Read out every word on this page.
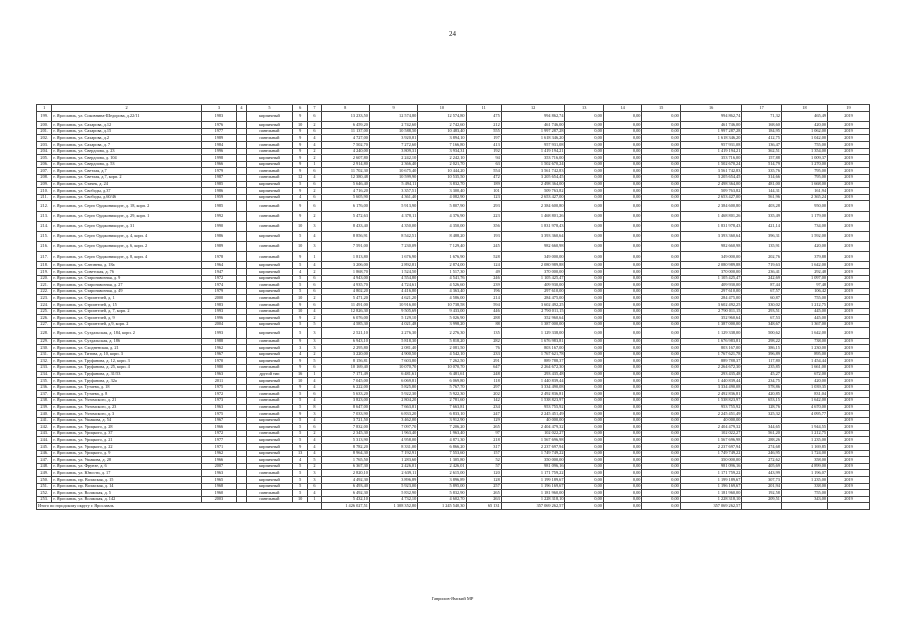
24
1	2	3	4	5	6	7	8	9	10	11	12	13	14	15	16	17	18	19
199.	г. Ярославль, ул. Соковнина-Шедорова, д.22/11	1983		кирпичный	9	6	13 233,50	12 574,80	12 574,80	475	994 862,74	0,00	0,00	0,00	994 862,74	71,32	465,49	2019
200.	г. Ярославль, ул. Сахарова, д.12	1976		кирпичный	10	2	6 459,20	2 742,60	2 742,60	212	461 746,00	0,00	0,00	0,00	461 746,00	168,60	420,00	2019
201.	г. Ярославль, ул. Сахарова, д.15	1977		панельный	9	6	11 137,00	10 588,50	10 483,40	555	1 997 287,28	0,00	0,00	0,00	1 997 287,28	184,95	1 062,00	2019
202.	г. Ярославль, ул. Сахарова, д.2	1989		панельный	9	4	4 727,00	3 920,81	3 894,10	197	1 618 346,20	0,00	0,00	0,00	1 618 346,20	412,75	1 042,00	2019
203.	г. Ярославль, ул. Сахарова, д. 7	1984		панельный	9	4	7 502,70	7 272,60	7 166,80	413	957 931,08	0,00	0,00	0,00	957 931,08	136,47	755,00	2019
204.	г. Ярославль, ул. Свердлова, д. 23	1996		панельный	9	2	4 240,00	3 809,31	3 934,31	192	1 419 194,21	0,00	0,00	0,00	1 419 194,21	362,51	1 354,00	2019
205.	г. Ярославль, ул. Свердлова, д. 104	1998		кирпичный	9	2	2 607,80	2 242,10	2 242,10	94	353 716,00	0,00	0,00	0,00	353 716,00	157,88	1 009,37	2019
206.	г. Ярославль, ул. Свердлова, д. 53	1966		кирпичный	9	1	2 914,80	2 366,40	2 021,70	63	1 502 670,24	0,00	0,00	0,00	1 502 670,24	514,79	1 270,00	2019
207.	г. Ярославль, ул. Светлая, д.7	1979		панельный	9	6	11 702,30	10 675,40	10 444,20	554	3 561 742,83	0,00	0,00	0,00	3 561 742,83	335,76	795,00	2019
208.	г. Ярославль, ул. Светлая, д.7, корп. 2	1987		панельный	12	4	12 380,48	10 599,90	10 535,50	472	3 205 654,45	0,00	0,00	0,00	3 205 654,45	314,66	795,00	2019
209.	г. Ярославль, ул. Стачек, д. 24	1985		кирпичный	5	6	5 646,40	5 494,11	3 832,70	189	2 498 364,00	0,00	0,00	0,00	2 498 364,00	481,00	1 668,00	2019
210.	г. Ярославль, ул. Свободы, д.37	1986		кирпичный	9	2	4 716,20	3 357,51	3 300,40	101	509 763,82	0,00	0,00	0,00	509 763,82	144,31	161,94	2019
211.	г. Ярославль, ул. Свободы, д.60/46	1959		кирпичный	4	6	5 605,90	4 361,40	4 082,90	123	2 653 427,00	0,00	0,00	0,00	2 653 427,00	561,96	2 365,24	2019
212.	г. Ярославль, ул. Серго Орджоникидзе, д. 18, корп. 2	1985		панельный	9	6	6 176,00	5 913,90	5 807,90	293	2 384 600,80	0,00	0,00	0,00	2 384 600,80	403,28	950,00	2019
213.	г. Ярославль, ул. Серго Орджоникидзе, д. 29, корп. 1	1992		панельный	9	2	5 472,63	4 378,11	4 376,90	223	1 468 801,26	0,00	0,00	0,00	1 468 801,26	335,49	1 179,00	2019
214.	г. Ярославль, ул. Серго Орджоникидзе, д. 31	1990		панельный	10	3	8 433,40	4 350,00	4 350,00	356	1 831 978,43	0,00	0,00	0,00	1 831 978,43	421,14	734,00	2019
215.	г. Ярославль, ул. Серго Орджоникидзе, д. 4, корп. 4	1986		кирпичный	5	4	8 856,91	8 542,51	8 488,20	193	3 393 360,64	0,00	0,00	0,00	3 393 360,64	396,31	1 592,00	2019
216.	г. Ярославль, ул. Серго Орджоникидзе, д. 6, корп. 2	1989		панельный	10	3	7 591,00	7 230,09	7 129,40	245	982 660,98	0,00	0,00	0,00	982 660,98	135,91	420,00	2019
217.	г. Ярославль, ул. Серго Орджоникидзе, д. 8, корп. 4	1978		панельный	9	1	1 813,80	1 676,90	1 676,90	528	349 000,00	0,00	0,00	0,00	349 000,00	202,76	379,88	2019
218.	г. Ярославль, ул. Слепнева, д. 18а	1964		кирпичный	5	4	3 206,00	2 892,81	2 874,00	124	2 080 989,88	0,00	0,00	0,00	2 080 989,88	719,63	1 642,00	2019
219.	г. Ярославль, ул. Советская, д. 76	1947		кирпичный	4	2	1 868,70	1 524,50	1 517,30	49	370 000,00	0,00	0,00	0,00	370 000,00	236,41	292,48	2019
220.	г. Ярославль, ул. Старонавозная, д. 9	1972		кирпичный	5	6	4 943,00	4 554,80	4 541,76	246	1 105 425,47	0,00	0,00	0,00	1 105 425,47	242,69	1 097,00	2019
221.	г. Ярославль, ул. Старонавозная, д. 27	1974		панельный	5	6	4 935,70	4 724,61	4 526,60	239	409 930,00	0,00	0,00	0,00	409 930,00	87,44	97,48	2019
222.	г. Ярославль, ул. Старонавозная, д. 49	1979		кирпичный	5	6	4 802,20	4 416,80	4 363,40	196	297 610,00	0,00	0,00	0,00	297 610,00	67,57	106,42	2019
223.	г. Ярославль, ул. Строителей, д. 1	2000		панельный	10	2	5 471,20	4 621,20	4 586,00	214	284 475,00	0,00	0,00	0,00	284 475,00	60,87	755,00	2019
224.	г. Ярославль, ул. Строителей, д. 15	1983		панельный	9	6	11 491,00	10 916,00	10 738,58	594	3 602 492,25	0,00	0,00	0,00	3 602 492,25	330,02	1 212,75	2019
225.	г. Ярославль, ул. Строителей, д. 7, корп. 2	1993		панельный	10	4	12 826,30	9 505,69	9 433,00	446	2 790 011,15	0,00	0,00	0,00	2 790 011,15	293,51	445,00	2019
226.	г. Ярославль, ул. Строителей, д. 9	1996		кирпичный	9	2	6 076,00	5 129,10	5 026,90	288	352 960,64	0,00	0,00	0,00	352 960,64	67,53	445,00	2019
227.	г. Ярославль, ул. Строителей, д.9, корп. 2	2004		кирпичный	5	5	4 585,30	4 021,48	3 998,20	88	1 387 000,00	0,00	0,00	0,00	1 387 000,00	348,67	1 367,00	2019
228.	г. Ярославль, ул. Суздальская, д. 184, корп. 2	1993		кирпичный	5	3	2 521,10	2 276,30	2 276,30	135	1 129 338,00	0,00	0,00	0,00	1 129 338,00	500,62	1 642,00	2019
229.	г. Ярославль, ул. Суздальская, д. 186	1988		панельный	9	3	6 943,10	5 818,30	5 818,20	282	1 676 983,81	0,00	0,00	0,00	1 676 983,81	298,22	738,00	2019
230.	г. Ярославль, ул. Сходненская, д. 21	1962		кирпичный	3	3	2 295,80	2 081,40	2 081,50	76	803 167,00	0,00	0,00	0,00	803 167,00	386,15	1 230,00	2019
231.	г. Ярославль, ул. Титова, д. 10, корп. 3	1967		кирпичный	4	2	3 220,00	4 900,50	4 542,10	233	1 767 621,78	0,00	0,00	0,00	1 767 621,78	396,89	895,00	2019
232.	г. Ярославль, ул. Труфанова, д. 12, корп. 3	1970		кирпичный	9	5	8 156,81	7 603,80	7 262,50	291	889 788,37	0,00	0,00	0,00	889 788,37	117,80	1 454,44	2019
233.	г. Ярославль, ул. Труфанова, д. 25, корп. 4	1980		панельный	9	6	10 169,40	10 070,70	10 070,70	647	2 264 672,30	0,00	0,00	0,00	2 264 672,30	235,85	1 661,00	2019
234.	г. Ярославль, ул. Труфанова, д. 31/53	1963		другой тип	16	1	7 171,49	6 481,61	6 481,61	248	293 435,48	0,00	0,00	0,00	293 435,48	45,27	672,00	2019
235.	г. Ярославль, ул. Труфанова, д. 32а	2011		кирпичный	10	4	7 045,00	6 069,81	6 069,80	118	1 440 839,44	0,00	0,00	0,00	1 440 839,44	234,75	420,00	2019
236.	г. Ярославль, ул. Тутаева, д. 18	1975		панельный	9	4	6 222,00	5 825,80	5 767,70	297	3 334 490,08	0,00	0,00	0,00	3 334 490,08	578,86	1 039,35	2019
237.	г. Ярославль, ул. Тутаева, д. 8	1972		панельный	5	6	5 633,20	5 922,30	5 922,30	202	2 492 836,81	0,00	0,00	0,00	2 492 836,81	420,85	831,04	2019
238.	г. Ярославль, ул. Ухтомского, д. 21	1973		панельный	5	4	3 823,00	2 804,20	2 781,60	142	1 538 823,97	0,00	0,00	0,00	1 538 823,97	653,15	1 642,00	2019
239.	г. Ярославль, ул. Ухтомского, д. 23	1963		панельный	5	8	8 647,00	7 663,81	7 663,81	234	953 755,92	0,00	0,00	0,00	953 755,92	128,76	4 670,00	2019
240.	г. Ярославль, ул. Ухтомского, д. 3	1975		панельный	9	3	7 033,90	6 833,20	6 833,10	247	2 245 451,49	0,00	0,00	0,00	2 245 451,49	325,32	4 095,77	2019
241.	г. Ярославль, ул. Ушакова, д. 54	1967		кирпичный	5	4	3 721,50	3 462,00	3 912,90	129	40 000,00	0,00	0,00	0,00	40 000,00			2019
242.	г. Ярославль, ул. Урицкого, д. 28	1966		кирпичный	5	6	7 832,00	7 097,70	7 206,20	265	2 404 479,32	0,00	0,00	0,00	2 404 479,32	344,65	1 944,55	2019
243.	г. Ярославль, ул. Урицкого, д. 37	1972		панельный	5	2	2 345,30	1 963,40	1 963,40	97	102 022,27	0,00	0,00	0,00	102 022,27	561,20	1 212,75	2019
244.	г. Ярославль, ул. Урицкого, д. 21	1977		кирпичный	5	4	5 313,90	4 958,00	4 871,30	218	1 567 696,98	0,00	0,00	0,00	1 567 696,98	288,26	1 235,00	2019
245.	г. Ярославль, ул. Урицкого, д. 22	1971		кирпичный	9	4	8 782,20	8 331,00	6 866,20	317	2 237 697,94	0,00	0,00	0,00	2 237 697,94	274,68	1 169,85	2019
246.	г. Ярославль, ул. Урицкого, д. 9	1962		кирпичный	13	4	8 964,30	7 192,91	7 553,60	157	1 749 749,22	0,00	0,00	0,00	1 749 749,22	246,95	1 724,00	2019
247.	г. Ярославль, ул. Ушакова, д. 28	1966		кирпичный	4	5	1 765,50	1 283,60	1 305,80	52	350 000,00	0,00	0,00	0,00	350 000,00	272,62	358,00	2019
248.	г. Ярославль, ул. Фрунзе, д. 6	2007		кирпичный	5	2	6 367,30	2 426,01	2 426,01	57	981 096,16	0,00	0,00	0,00	981 096,16	405,69	4 899,00	2019
249.	г. Ярославль, ул. Юности, д. 17	1963		панельный	5	3	2 820,10	2 639,11	2 615,00	120	1 171 759,22	0,00	0,00	0,00	1 171 759,22	443,99	1 196,07	2019
250.	г. Ярославль, пр. Волжская, д. 15	1965		кирпичный	5	3	4 492,30	3 896,89	3 896,89	128	1 199 189,67	0,00	0,00	0,00	1 199 189,67	307,73	1 235,00	2019
251.	г. Ярославль, пр. Волжская, д. 14	1968		кирпичный	5	6	6 493,40	5 923,00	5 895,00	257	1 196 169,67	0,00	0,00	0,00	1 196 169,67	201,94	338,00	2019
252.	г. Ярославль, ул. Волжская, д. 5	1960		панельный	5	4	6 492,30	5 832,90	5 832,90	265	1 181 960,00	0,00	0,00	0,00	1 181 960,00	192,58	755,00	2019
253.	г. Ярославль, ул. Волжская, д. 142	2003		панельный	10	1	5 432,10	4 732,10	4 602,70	263	1 228 318,10	0,00	0,00	0,00	1 228 318,10	209,51	343,00	2019
Итого по городскому округу г. Ярославль							1 426 027,51	1 308 352,80	1 245 540,30	65 131	357 069 262,57	0,00	0,00	0,00	357 069 262,57			
Гаврилов-Ямский МР
